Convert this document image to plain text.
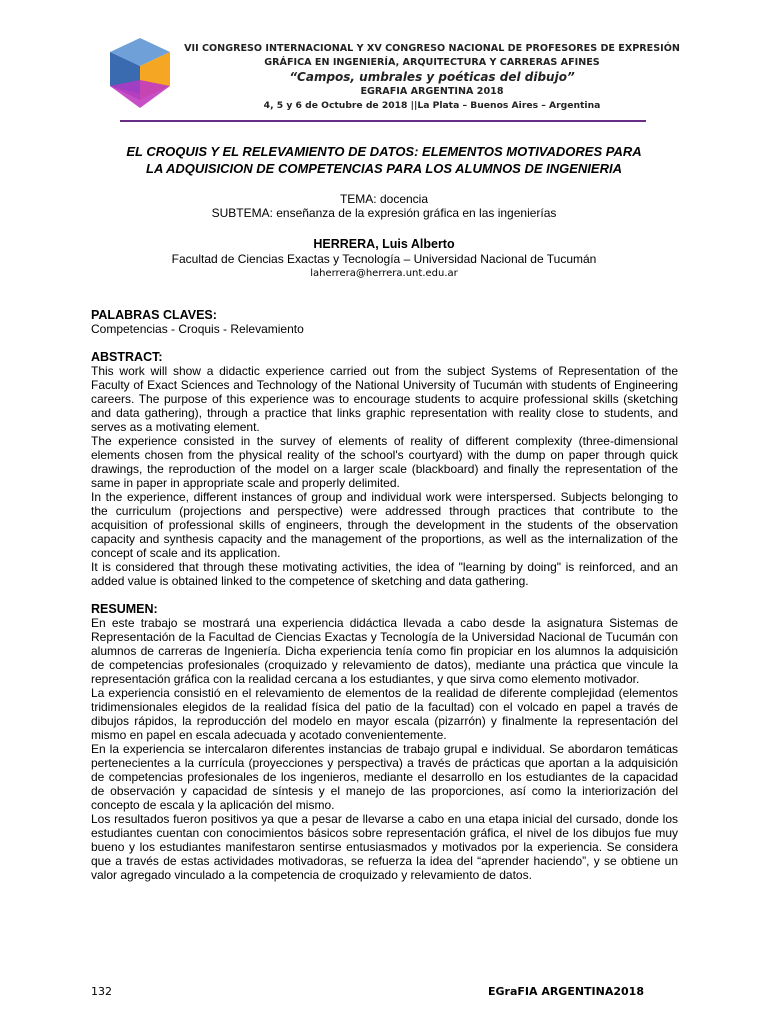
VII CONGRESO INTERNACIONAL Y XV CONGRESO NACIONAL DE PROFESORES DE EXPRESIÓN
GRÁFICA EN INGENIERÍA, ARQUITECTURA Y CARRERAS AFINES
“Campos, umbrales y poéticas del dibujo”
EGRAFIA ARGENTINA 2018
4, 5 y 6 de Octubre de 2018 ||La Plata – Buenos Aires – Argentina
EL CROQUIS Y EL RELEVAMIENTO DE DATOS: ELEMENTOS MOTIVADORES PARA
LA ADQUISICION DE COMPETENCIAS PARA LOS ALUMNOS DE INGENIERIA
TEMA: docencia
SUBTEMA: enseñanza de la expresión gráfica en las ingenierías
HERRERA, Luis Alberto
Facultad de Ciencias Exactas y Tecnología – Universidad Nacional de Tucumán
laherrera@herrera.unt.edu.ar
PALABRAS CLAVES:
Competencias - Croquis - Relevamiento
ABSTRACT:

This work will show a didactic experience carried out from the subject Systems of Representation of the Faculty of Exact Sciences and Technology of the National University of Tucumán with students of Engineering careers. The purpose of this experience was to encourage students to acquire professional skills (sketching and data gathering), through a practice that links graphic representation with reality close to students, and serves as a motivating element.

The experience consisted in the survey of elements of reality of different complexity (three-dimensional elements chosen from the physical reality of the school's courtyard) with the dump on paper through quick drawings, the reproduction of the model on a larger scale (blackboard) and finally the representation of the same in paper in appropriate scale and properly delimited.

In the experience, different instances of group and individual work were interspersed. Subjects belonging to the curriculum (projections and perspective) were addressed through practices that contribute to the acquisition of professional skills of engineers, through the development in the students of the observation capacity and synthesis capacity and the management of the proportions, as well as the internalization of the concept of scale and its application.

It is considered that through these motivating activities, the idea of "learning by doing" is reinforced, and an added value is obtained linked to the competence of sketching and data gathering.

RESUMEN:

En este trabajo se mostrará una experiencia didáctica llevada a cabo desde la asignatura Sistemas de Representación de la Facultad de Ciencias Exactas y Tecnología de la Universidad Nacional de Tucumán con alumnos de carreras de Ingeniería. Dicha experiencia tenía como fin propiciar en los alumnos la adquisición de competencias profesionales (croquizado y relevamiento de datos), mediante una práctica que vincule la representación gráfica con la realidad cercana a los estudiantes, y que sirva como elemento motivador.

La experiencia consistió en el relevamiento de elementos de la realidad de diferente complejidad (elementos tridimensionales elegidos de la realidad física del patio de la facultad) con el volcado en papel a través de dibujos rápidos, la reproducción del modelo en mayor escala (pizarrón) y finalmente la representación del mismo en papel en escala adecuada y acotado convenientemente.

En la experiencia se intercalaron diferentes instancias de trabajo grupal e individual. Se abordaron temáticas pertenecientes a la currícula (proyecciones y perspectiva) a través de prácticas que aportan a la adquisición de competencias profesionales de los ingenieros, mediante el desarrollo en los estudiantes de la capacidad de observación y capacidad de síntesis y el manejo de las proporciones, así como la interiorización del concepto de escala y la aplicación del mismo.

Los resultados fueron positivos ya que a pesar de llevarse a cabo en una etapa inicial del cursado, donde los estudiantes cuentan con conocimientos básicos sobre representación gráfica, el nivel de los dibujos fue muy bueno y los estudiantes manifestaron sentirse entusiasmados y motivados por la experiencia. Se considera que a través de estas actividades motivadoras, se refuerza la idea del “aprender haciendo”, y se obtiene un valor agregado vinculado a la competencia de croquizado y relevamiento de datos.

132	EGraFIA ARGENTINA2018
